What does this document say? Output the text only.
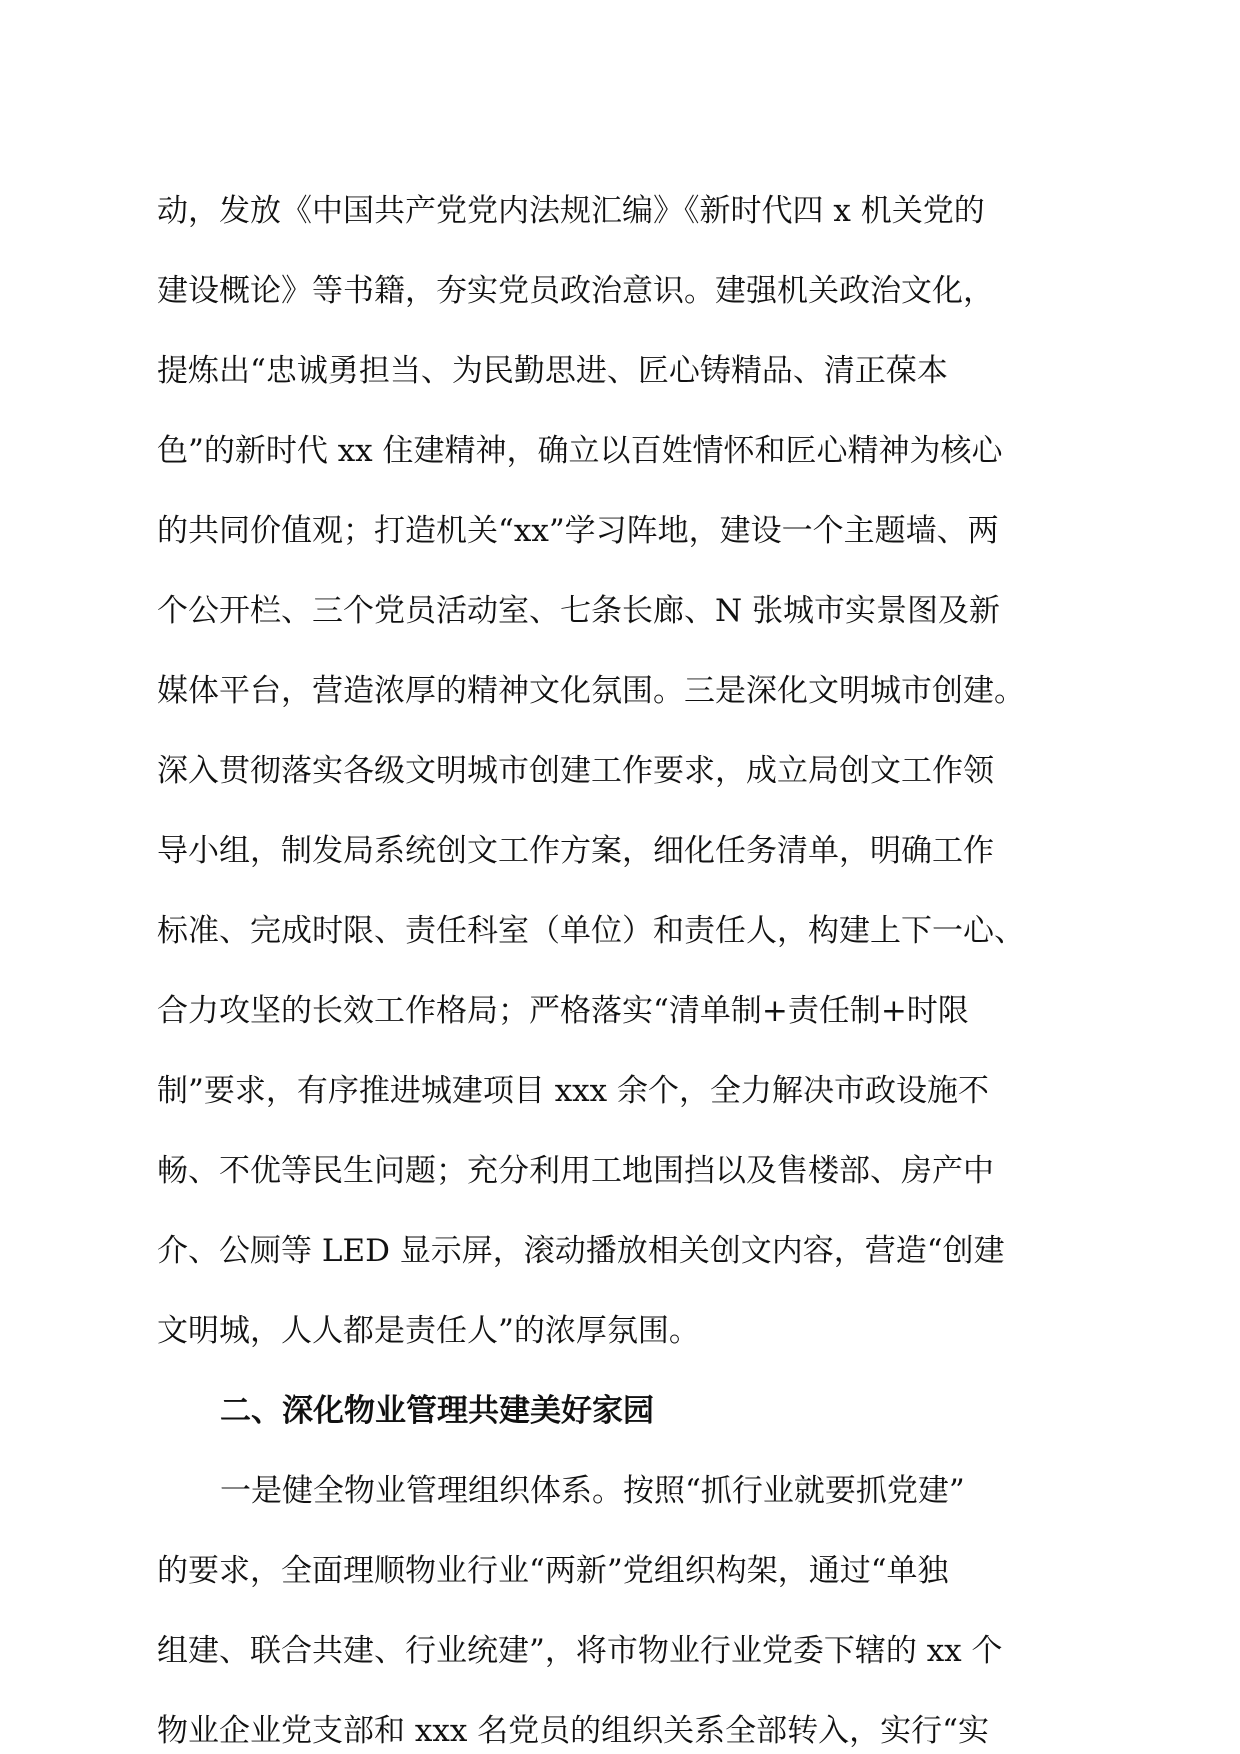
动，发放《中国共产党党内法规汇编》《新时代四 x 机关党的
建设概论》等书籍，夯实党员政治意识。建强机关政治文化，
提炼出“忠诚勇担当、为民勤思进、匠心铸精品、清正葆本
色”的新时代 xx 住建精神，确立以百姓情怀和匠心精神为核心
的共同价值观；打造机关“xx”学习阵地，建设一个主题墙、两
个公开栏、三个党员活动室、七条长廊、N 张城市实景图及新
媒体平台，营造浓厚的精神文化氛围。三是深化文明城市创建。
深入贯彻落实各级文明城市创建工作要求，成立局创文工作领
导小组，制发局系统创文工作方案，细化任务清单，明确工作
标准、完成时限、责任科室（单位）和责任人，构建上下一心、
合力攻坚的长效工作格局；严格落实“清单制+责任制+时限
制”要求，有序推进城建项目 xxx 余个，全力解决市政设施不
畅、不优等民生问题；充分利用工地围挡以及售楼部、房产中
介、公厕等 LED 显示屏，滚动播放相关创文内容，营造“创建
文明城，人人都是责任人”的浓厚氛围。
二、深化物业管理共建美好家园
一是健全物业管理组织体系。按照“抓行业就要抓党建”
的要求，全面理顺物业行业“两新”党组织构架，通过“单独
组建、联合共建、行业统建”，将市物业行业党委下辖的 xx 个
物业企业党支部和 xxx 名党员的组织关系全部转入，实行“实
